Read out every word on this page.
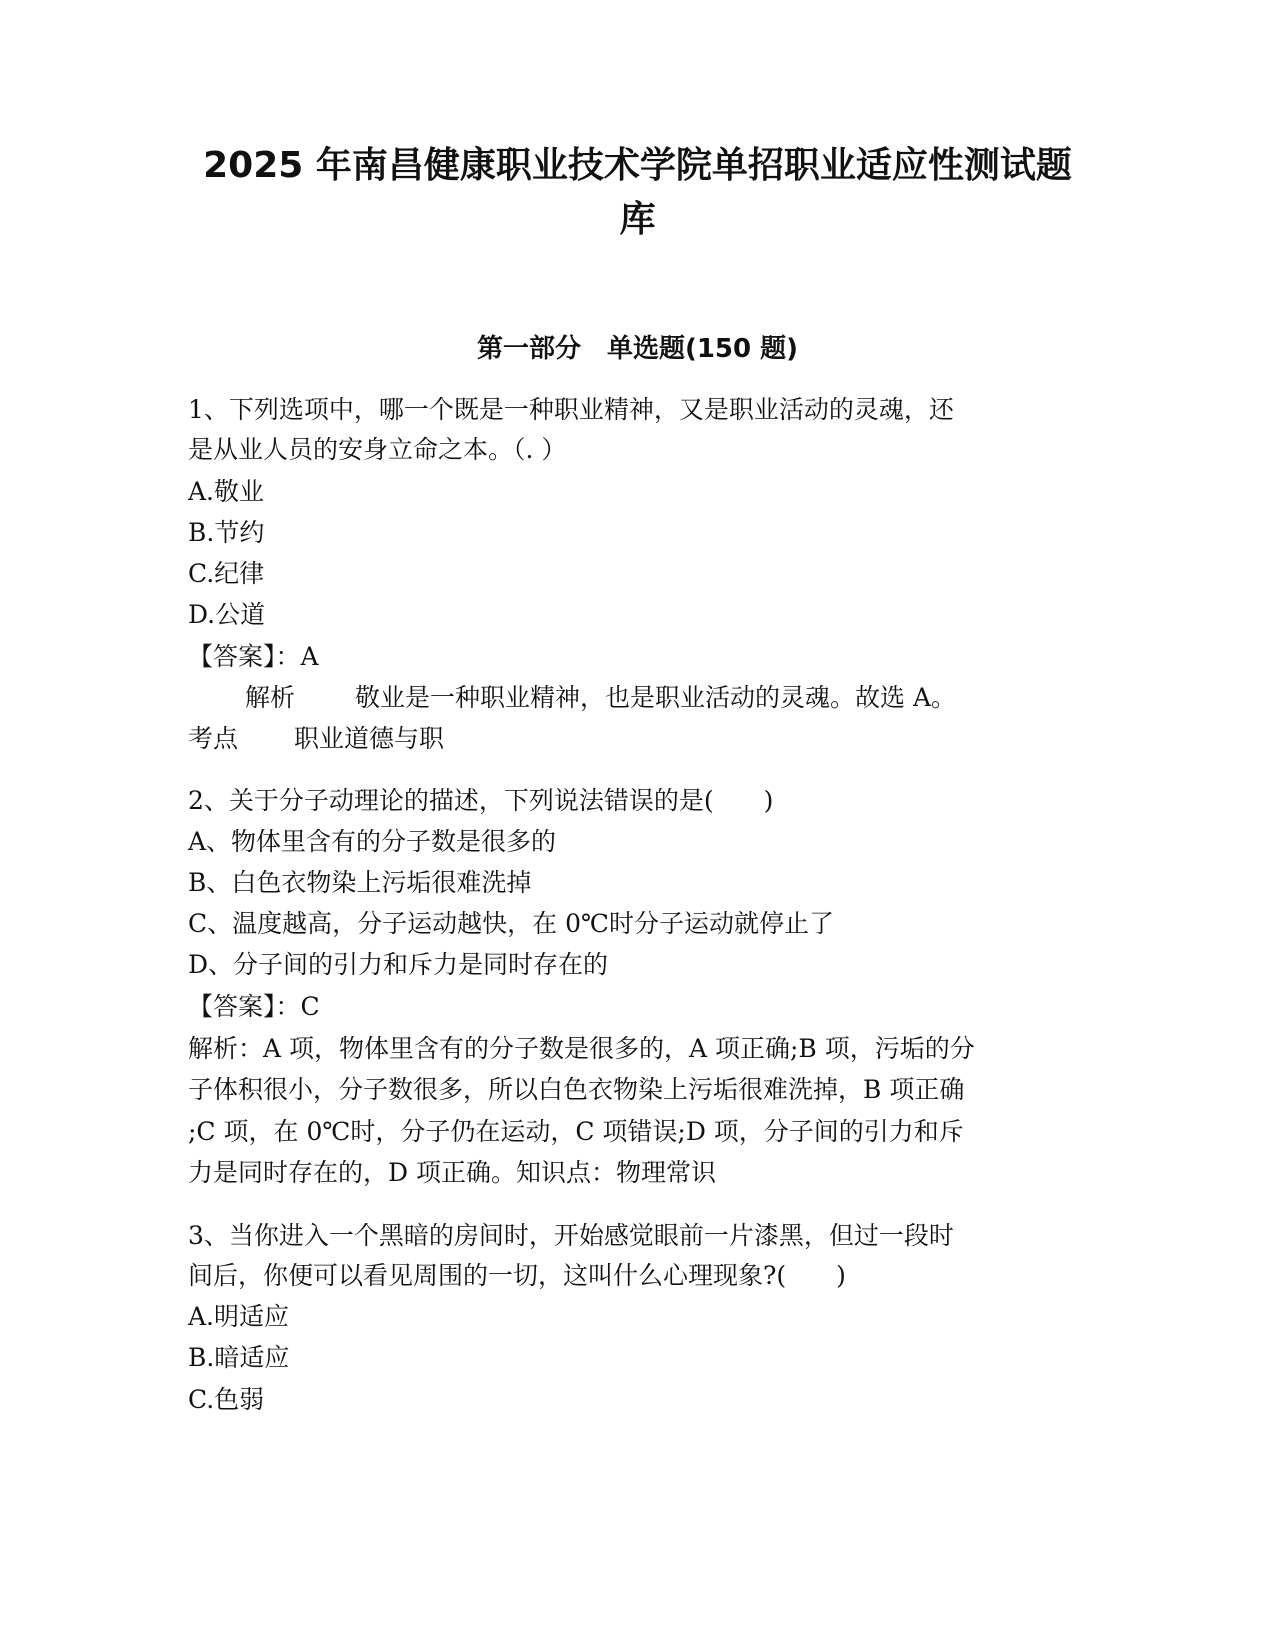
2025 年南昌健康职业技术学院单招职业适应性测试题
库
第一部分　单选题(150 题)

1、下列选项中，哪一个既是一种职业精神，又是职业活动的灵魂，还

是从业人员的安身立命之本。（. ）

A.敬业

B.节约

C.纪律

D.公道

【答案】：A

解析 敬业是一种职业精神，也是职业活动的灵魂。故选 A。

考点 职业道德与职

2、关于分子动理论的描述，下列说法错误的是(　　)

A、物体里含有的分子数是很多的

B、白色衣物染上污垢很难洗掉

C、温度越高，分子运动越快，在 0℃时分子运动就停止了

D、分子间的引力和斥力是同时存在的

【答案】：C

解析：A 项，物体里含有的分子数是很多的，A 项正确;B 项，污垢的分

子体积很小，分子数很多，所以白色衣物染上污垢很难洗掉，B 项正确

;C 项，在 0℃时，分子仍在运动，C 项错误;D 项，分子间的引力和斥

力是同时存在的，D 项正确。知识点：物理常识

3、当你进入一个黑暗的房间时，开始感觉眼前一片漆黑，但过一段时

间后，你便可以看见周围的一切，这叫什么心理现象?(　　)

A.明适应

B.暗适应

C.色弱
